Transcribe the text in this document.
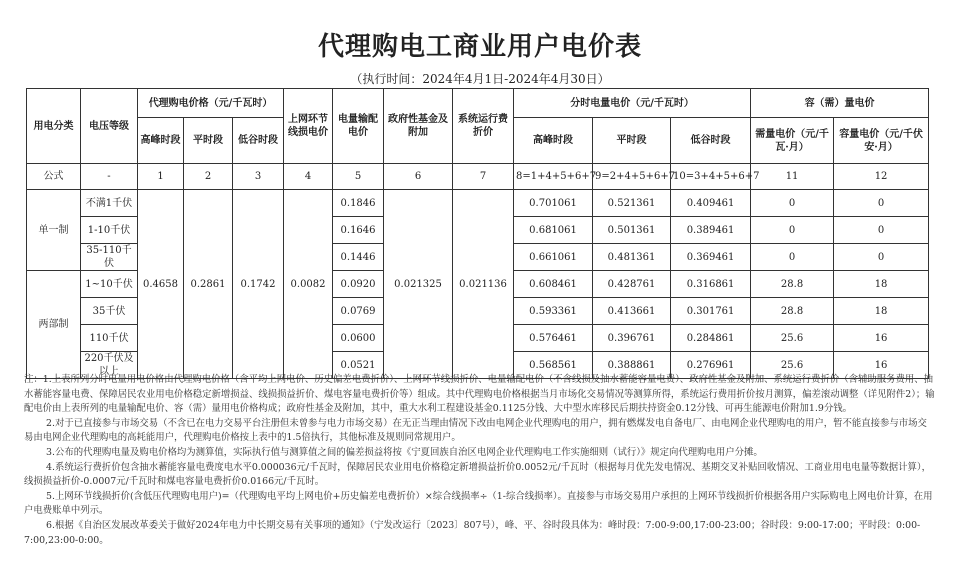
代理购电工商业用户电价表
（执行时间：2024年4月1日-2024年4月30日）
用电分类	电压等级	代理购电价格（元/千瓦时）			上网环节线损电价	电量输配电价	政府性基金及附加	系统运行费折价	分时电量电价（元/千瓦时）			容（需）量电价	
		高峰时段	平时段	低谷时段					高峰时段	平时段	低谷时段	需量电价（元/千瓦·月）	容量电价（元/千伏安·月）
公式	-	1	2	3	4	5	6	7	8=1+4+5+6+7	9=2+4+5+6+7	10=3+4+5+6+7	11	12
单一制	不满1千伏	0.4658	0.2861	0.1742	0.0082	0.1846	0.021325	0.021136	0.701061	0.521361	0.409461	0	0
	1-10千伏					0.1646			0.681061	0.501361	0.389461	0	0
	35-110千伏					0.1446			0.661061	0.481361	0.369461	0	0
两部制	1~10千伏					0.0920			0.608461	0.428761	0.316861	28.8	18
	35千伏					0.0769			0.593361	0.413661	0.301761	28.8	18
	110千伏					0.0600			0.576461	0.396761	0.284861	25.6	16
	220千伏及以上					0.0521			0.568561	0.388861	0.276961	25.6	16

注：1.上表所列分时电量用电价格由代理购电价格（含平均上网电价、历史偏差电费折价）、上网环节线损折价、电量输配电价（不含线损及抽水蓄能容量电费）、政府性基金及附加、系统运行费折价（含辅助服务费用、抽水蓄能容量电费、保障居民农业用电价格稳定新增损益、线损损益折价、煤电容量电费折价等）组成。其中代理购电价格根据当月市场化交易情况等测算所得，系统运行费用折价按月测算，偏差滚动调整（详见附件2）；输配电价由上表所列的电量输配电价、容（需）量用电价格构成；政府性基金及附加，其中，重大水利工程建设基金0.1125分钱、大中型水库移民后期扶持资金0.12分钱、可再生能源电价附加1.9分钱。

2.对于已直接参与市场交易（不含已在电力交易平台注册但未曾参与电力市场交易）在无正当理由情况下改由电网企业代理购电的用户，拥有燃煤发电自备电厂、由电网企业代理购电的用户，暂不能直接参与市场交易由电网企业代理购电的高耗能用户，代理购电价格按上表中的1.5倍执行，其他标准及规则同常规用户。

3.公布的代理购电量及购电价格均为测算值，实际执行值与测算值之间的偏差损益将按《宁夏回族自治区电网企业代理购电工作实施细则（试行）》规定向代理购电用户分摊。

4.系统运行费折价包含抽水蓄能容量电费度电水平0.000036元/千瓦时，保障居民农业用电价格稳定新增损益折价0.0052元/千瓦时（根据每月优先发电情况、基期交叉补贴回收情况、工商业用电电量等数据计算），线损损益折价-0.0007元/千瓦时和煤电容量电费折价0.0166元/千瓦时。

5.上网环节线损折价(含低压代理购电用户)=（代理购电平均上网电价+历史偏差电费折价）×综合线损率÷（1-综合线损率）。直接参与市场交易用户承担的上网环节线损折价根据各用户实际购电上网电价计算，在用户电费账单中列示。

6.根据《自治区发展改革委关于做好2024年电力中长期交易有关事项的通知》（宁发改运行〔2023〕807号），峰、平、谷时段具体为：峰时段：7:00-9:00,17:00-23:00；谷时段：9:00-17:00；平时段：0:00-7:00,23:00-0:00。
